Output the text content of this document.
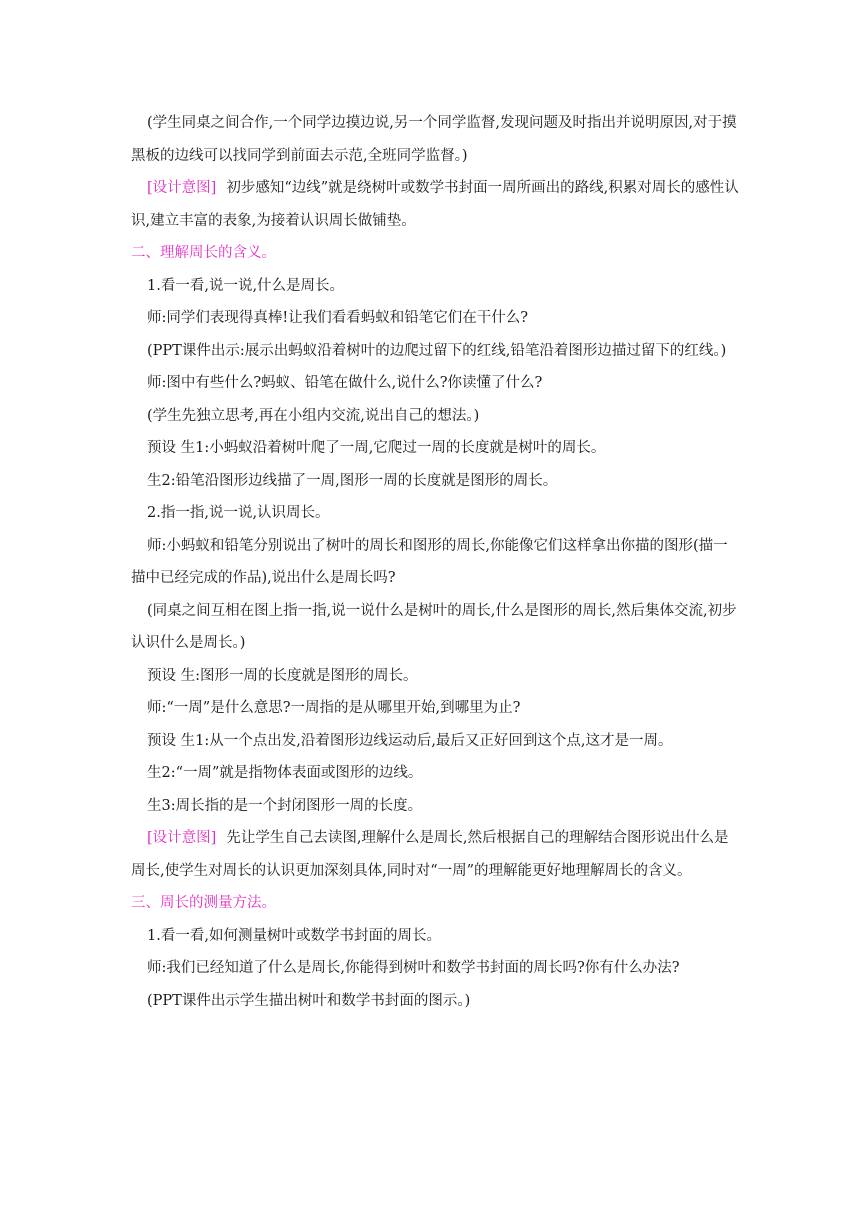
(学生同桌之间合作,一个同学边摸边说,另一个同学监督,发现问题及时指出并说明原因,对于摸黑板的边线可以找同学到前面去示范,全班同学监督。)

[设计意图] 初步感知“边线”就是绕树叶或数学书封面一周所画出的路线,积累对周长的感性认识,建立丰富的表象,为接着认识周长做铺垫。

二、理解周长的含义。

1.看一看,说一说,什么是周长。

师:同学们表现得真棒!让我们看看蚂蚁和铅笔它们在干什么?

(PPT课件出示:展示出蚂蚁沿着树叶的边爬过留下的红线,铅笔沿着图形边描过留下的红线。)

师:图中有些什么?蚂蚁、铅笔在做什么,说什么?你读懂了什么?

(学生先独立思考,再在小组内交流,说出自己的想法。)

预设 生1:小蚂蚁沿着树叶爬了一周,它爬过一周的长度就是树叶的周长。

生2:铅笔沿图形边线描了一周,图形一周的长度就是图形的周长。

2.指一指,说一说,认识周长。

师:小蚂蚁和铅笔分别说出了树叶的周长和图形的周长,你能像它们这样拿出你描的图形(描一描中已经完成的作品),说出什么是周长吗?

(同桌之间互相在图上指一指,说一说什么是树叶的周长,什么是图形的周长,然后集体交流,初步认识什么是周长。)

预设 生:图形一周的长度就是图形的周长。

师:“一周”是什么意思?一周指的是从哪里开始,到哪里为止?

预设 生1:从一个点出发,沿着图形边线运动后,最后又正好回到这个点,这才是一周。

生2:“一周”就是指物体表面或图形的边线。

生3:周长指的是一个封闭图形一周的长度。

[设计意图] 先让学生自己去读图,理解什么是周长,然后根据自己的理解结合图形说出什么是周长,使学生对周长的认识更加深刻具体,同时对“一周”的理解能更好地理解周长的含义。

三、周长的测量方法。

1.看一看,如何测量树叶或数学书封面的周长。

师:我们已经知道了什么是周长,你能得到树叶和数学书封面的周长吗?你有什么办法?

(PPT课件出示学生描出树叶和数学书封面的图示。)
